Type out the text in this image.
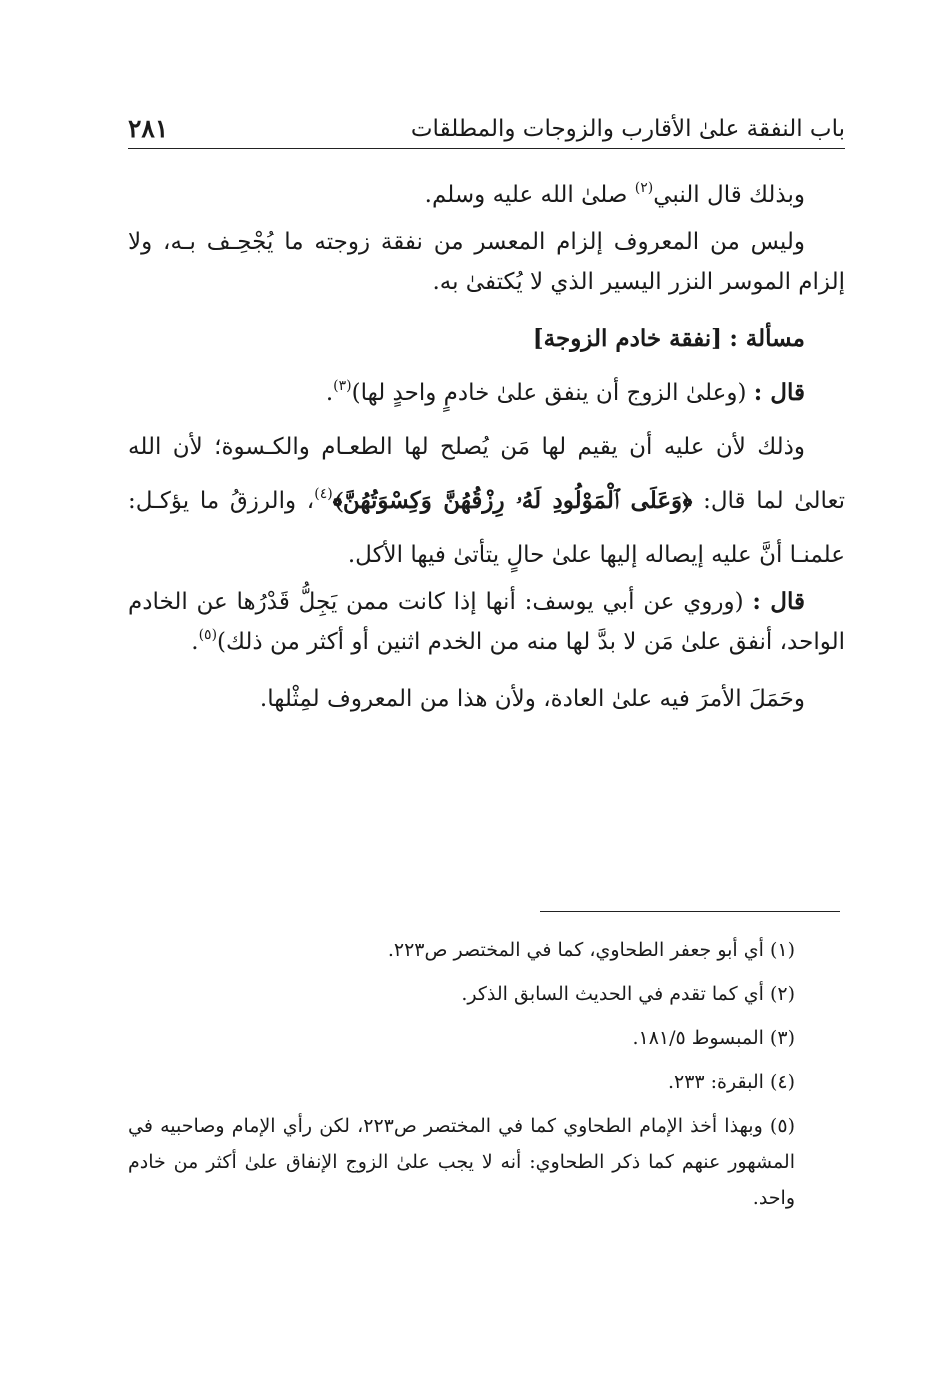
باب النفقة علىٰ الأقارب والزوجات والمطلقات
٢٨١

وبذلك قال النبي$^{(٢)}$ صلىٰ الله عليه وسلم.

وليس من المعروف إلزام المعسر من نفقة زوجته ما يُجْحِـف بـه، ولا إلزام الموسر النزر اليسير الذي لا يُكتفىٰ به.

مسألة : [نفقة خادم الزوجة]

قال : (وعلىٰ الزوج أن ينفق علىٰ خادمٍ واحدٍ لها)$^{(٣)}$.

وذلك لأن عليه أن يقيم لها مَن يُصلح لها الطعـام والكـسوة؛ لأن الله تعالىٰ لما قال: ﴿وَعَلَى ٱلْمَوْلُودِ لَهُۥ رِزْقُهُنَّ وَكِسْوَتُهُنَّ﴾$^{(٤)}$، والرزقُ ما يؤكـل: علمنـا أنَّ عليه إيصاله إليها علىٰ حالٍ يتأتىٰ فيها الأكل.

قال : (وروي عن أبي يوسف: أنها إذا كانت ممن يَجِلُّ قَدْرُها عن الخادم الواحد، أنفق علىٰ مَن لا بدَّ لها منه من الخدم اثنين أو أكثر من ذلك)$^{(٥)}$.

وحَمَلَ الأمرَ فيه علىٰ العادة، ولأن هذا من المعروف لمِثْلها.

(١) أي أبو جعفر الطحاوي، كما في المختصر ص٢٢٣.

(٢) أي كما تقدم في الحديث السابق الذكر.

(٣) المبسوط ١٨١/٥.

(٤) البقرة: ٢٣٣.

(٥) وبهذا أخذ الإمام الطحاوي كما في المختصر ص٢٢٣، لكن رأي الإمام وصاحبيه في المشهور عنهم كما ذكر الطحاوي: أنه لا يجب علىٰ الزوج الإنفاق علىٰ أكثر من خادم واحد.
